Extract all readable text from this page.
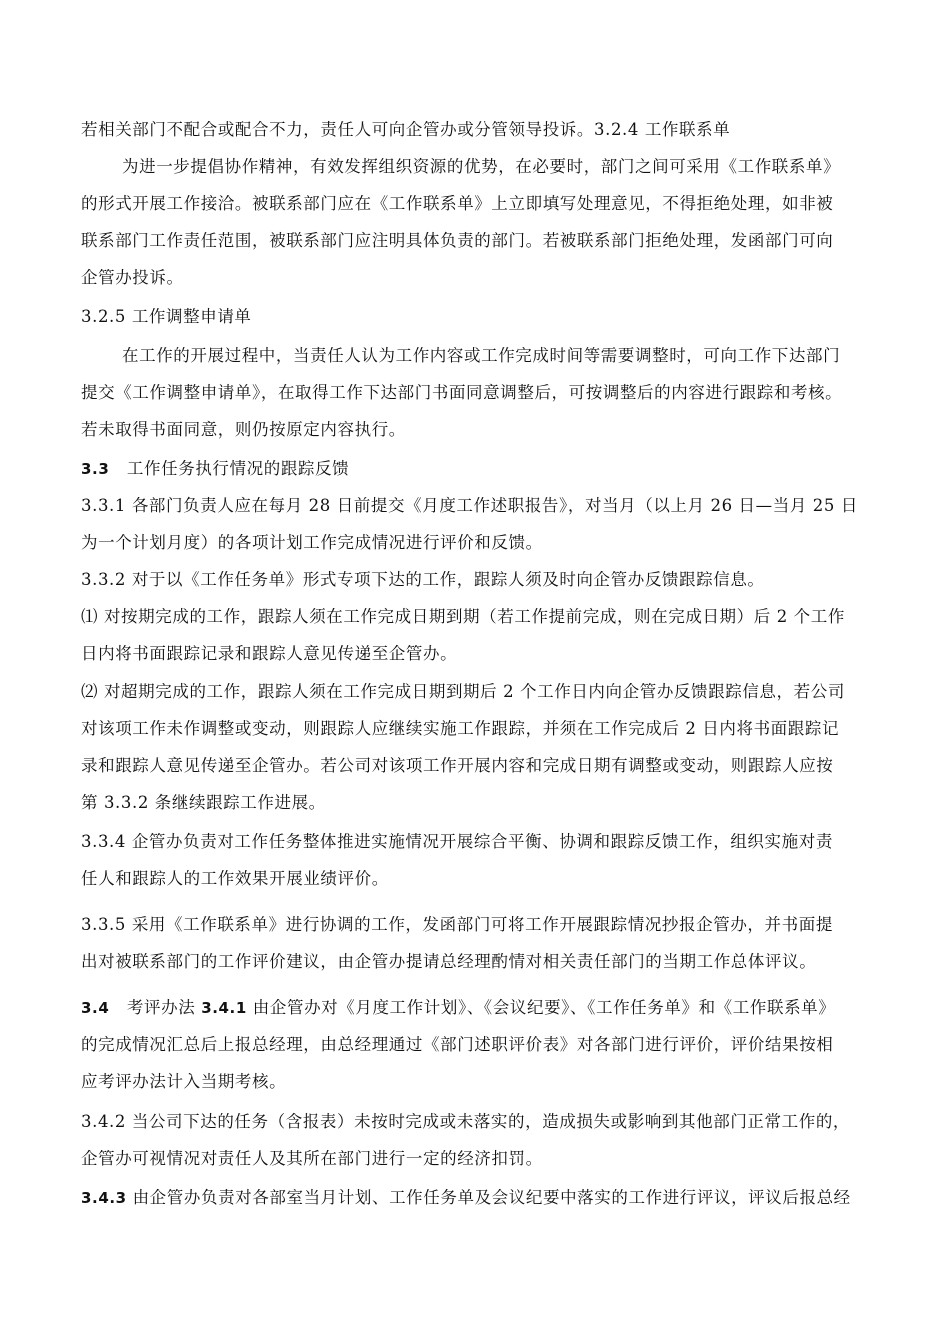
若相关部门不配合或配合不力，责任人可向企管办或分管领导投诉。3.2.4 工作联系单
为进一步提倡协作精神，有效发挥组织资源的优势，在必要时，部门之间可采用《工作联系单》
的形式开展工作接洽。被联系部门应在《工作联系单》上立即填写处理意见，不得拒绝处理，如非被
联系部门工作责任范围，被联系部门应注明具体负责的部门。若被联系部门拒绝处理，发函部门可向
企管办投诉。
3.2.5 工作调整申请单
在工作的开展过程中，当责任人认为工作内容或工作完成时间等需要调整时，可向工作下达部门
提交《工作调整申请单》，在取得工作下达部门书面同意调整后，可按调整后的内容进行跟踪和考核。
若未取得书面同意，则仍按原定内容执行。
3.3 工作任务执行情况的跟踪反馈
3.3.1 各部门负责人应在每月 28 日前提交《月度工作述职报告》，对当月（以上月 26 日—当月 25 日
为一个计划月度）的各项计划工作完成情况进行评价和反馈。
3.3.2 对于以《工作任务单》形式专项下达的工作，跟踪人须及时向企管办反馈跟踪信息。
⑴ 对按期完成的工作，跟踪人须在工作完成日期到期（若工作提前完成，则在完成日期）后 2 个工作
日内将书面跟踪记录和跟踪人意见传递至企管办。
⑵ 对超期完成的工作，跟踪人须在工作完成日期到期后 2 个工作日内向企管办反馈跟踪信息，若公司
对该项工作未作调整或变动，则跟踪人应继续实施工作跟踪，并须在工作完成后 2 日内将书面跟踪记
录和跟踪人意见传递至企管办。若公司对该项工作开展内容和完成日期有调整或变动，则跟踪人应按
第 3.3.2 条继续跟踪工作进展。
3.3.4 企管办负责对工作任务整体推进实施情况开展综合平衡、协调和跟踪反馈工作，组织实施对责
任人和跟踪人的工作效果开展业绩评价。
3.3.5 采用《工作联系单》进行协调的工作，发函部门可将工作开展跟踪情况抄报企管办，并书面提
出对被联系部门的工作评价建议，由企管办提请总经理酌情对相关责任部门的当期工作总体评议。
3.4 考评办法 3.4.1 由企管办对《月度工作计划》、《会议纪要》、《工作任务单》和《工作联系单》
的完成情况汇总后上报总经理，由总经理通过《部门述职评价表》对各部门进行评价，评价结果按相
应考评办法计入当期考核。
3.4.2 当公司下达的任务（含报表）未按时完成或未落实的，造成损失或影响到其他部门正常工作的，
企管办可视情况对责任人及其所在部门进行一定的经济扣罚。
3.4.3 由企管办负责对各部室当月计划、工作任务单及会议纪要中落实的工作进行评议，评议后报总经
